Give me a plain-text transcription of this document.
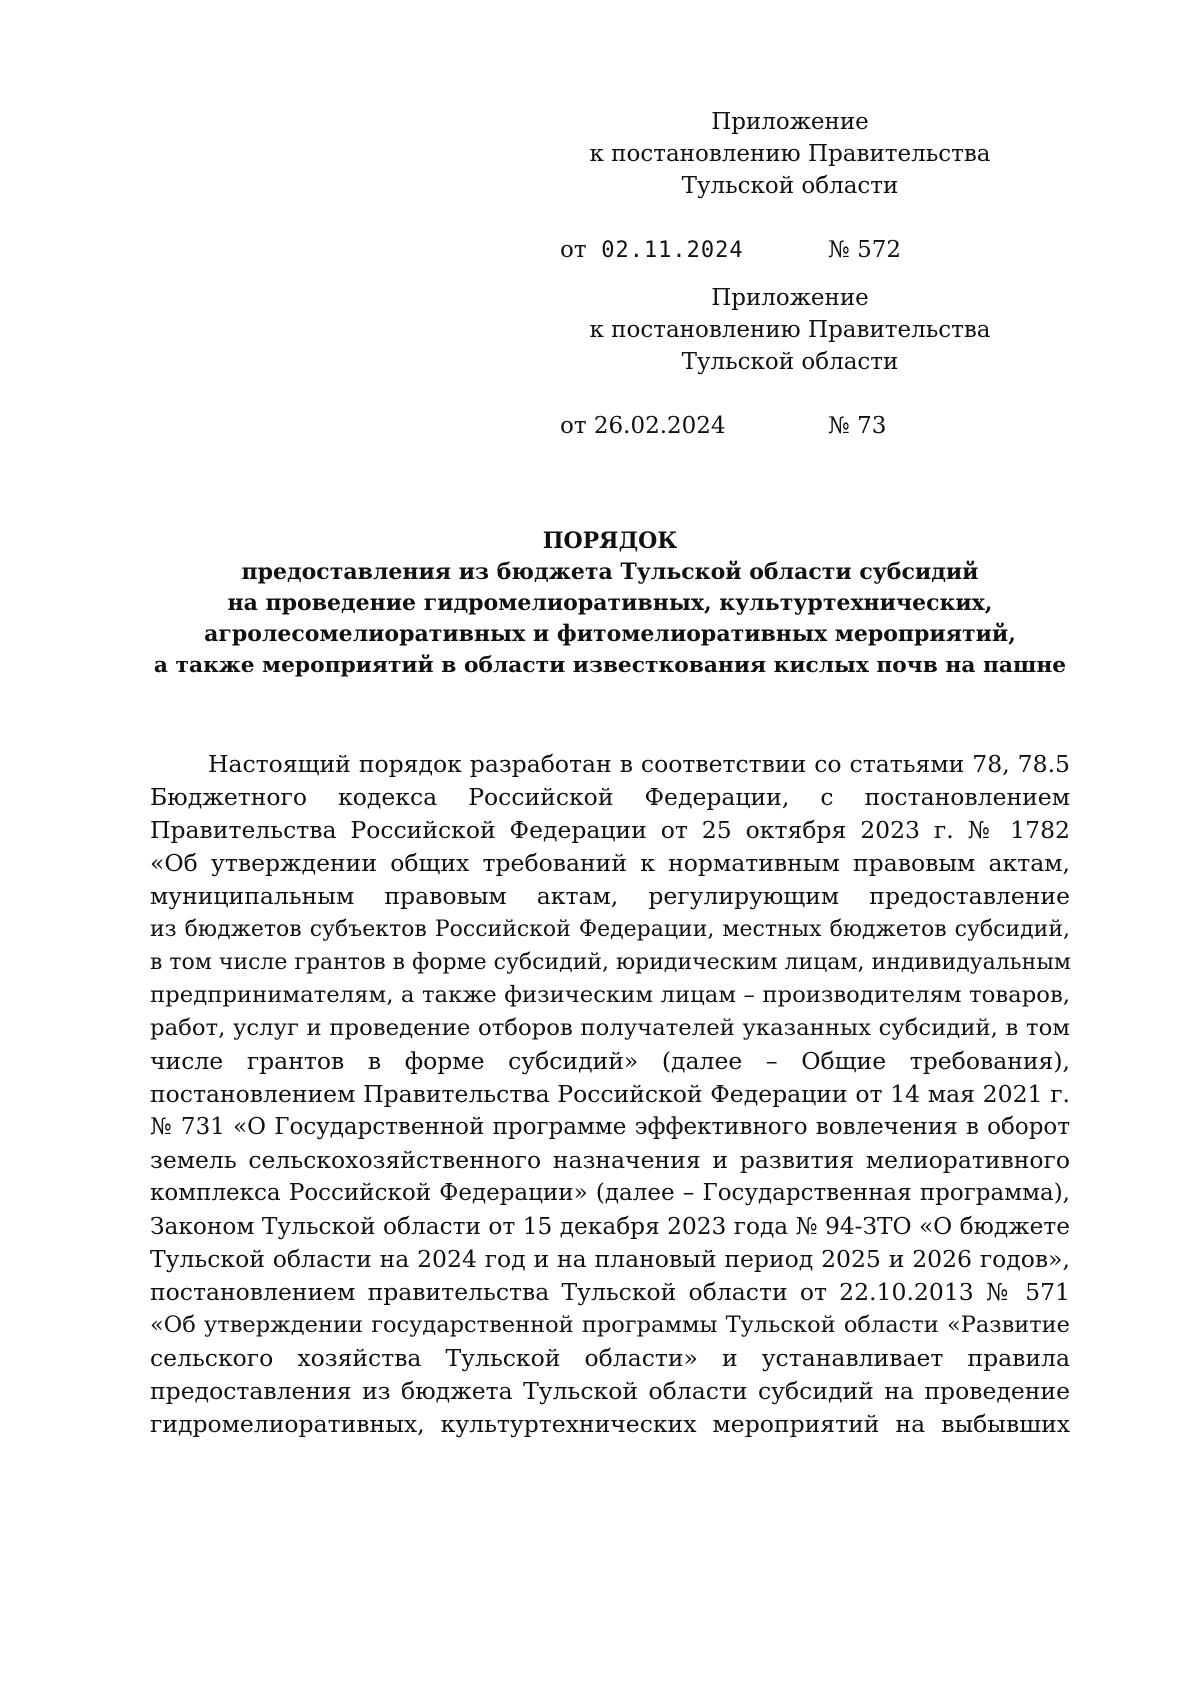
Приложение
к постановлению Правительства
Тульской области
от 02.11.2024	№ 572
Приложение
к постановлению Правительства
Тульской области
от 26.02.2024	№ 73
ПОРЯДОК
предоставления из бюджета Тульской области субсидий
на проведение гидромелиоративных, культуртехнических,
агролесомелиоративных и фитомелиоративных мероприятий,
а также мероприятий в области известкования кислых почв на пашне
Настоящий порядок разработан в соответствии со статьями 78, 78.5
Бюджетного кодекса Российской Федерации, с постановлением
Правительства Российской Федерации от 25 октября 2023 г. № 1782
«Об утверждении общих требований к нормативным правовым актам,
муниципальным правовым актам, регулирующим предоставление
из бюджетов субъектов Российской Федерации, местных бюджетов субсидий,
в том числе грантов в форме субсидий, юридическим лицам, индивидуальным
предпринимателям, а также физическим лицам – производителям товаров,
работ, услуг и проведение отборов получателей указанных субсидий, в том
числе грантов в форме субсидий» (далее – Общие требования),
постановлением Правительства Российской Федерации от 14 мая 2021 г.
№ 731 «О Государственной программе эффективного вовлечения в оборот
земель сельскохозяйственного назначения и развития мелиоративного
комплекса Российской Федерации» (далее – Государственная программа),
Законом Тульской области от 15 декабря 2023 года № 94-ЗТО «О бюджете
Тульской области на 2024 год и на плановый период 2025 и 2026 годов»,
постановлением правительства Тульской области от 22.10.2013 № 571
«Об утверждении государственной программы Тульской области «Развитие
сельского хозяйства Тульской области» и устанавливает правила
предоставления из бюджета Тульской области субсидий на проведение
гидромелиоративных, культуртехнических мероприятий на выбывших
